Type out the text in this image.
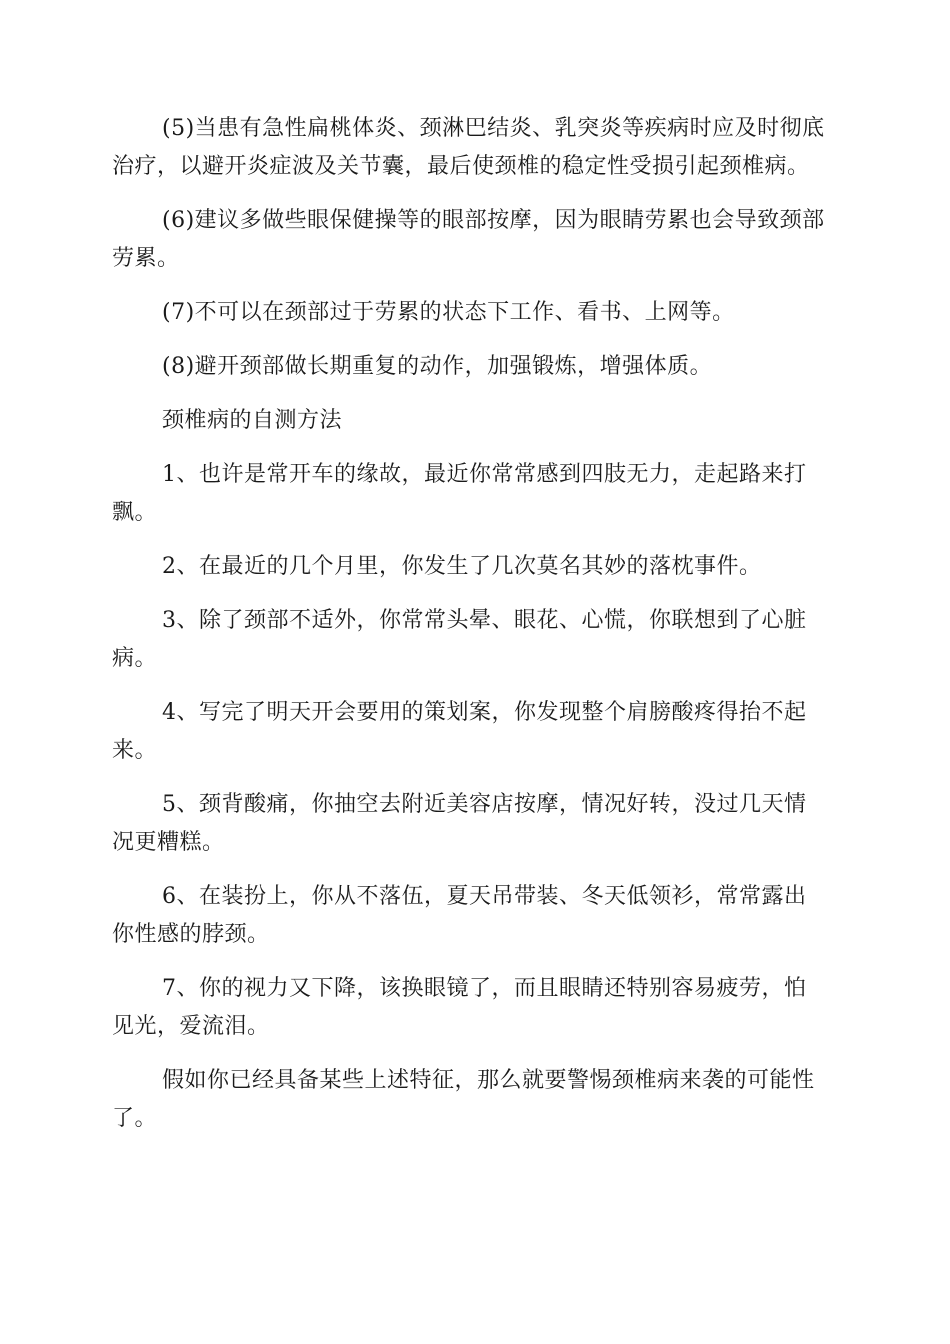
(5)当患有急性扁桃体炎、颈淋巴结炎、乳突炎等疾病时应及时彻底治疗，以避开炎症波及关节囊，最后使颈椎的稳定性受损引起颈椎病。

(6)建议多做些眼保健操等的眼部按摩，因为眼睛劳累也会导致颈部劳累。

(7)不可以在颈部过于劳累的状态下工作、看书、上网等。

(8)避开颈部做长期重复的动作，加强锻炼，增强体质。

颈椎病的自测方法

1、也许是常开车的缘故，最近你常常感到四肢无力，走起路来打飘。

2、在最近的几个月里，你发生了几次莫名其妙的落枕事件。

3、除了颈部不适外，你常常头晕、眼花、心慌，你联想到了心脏病。

4、写完了明天开会要用的策划案，你发现整个肩膀酸疼得抬不起来。

5、颈背酸痛，你抽空去附近美容店按摩，情况好转，没过几天情况更糟糕。

6、在装扮上，你从不落伍，夏天吊带装、冬天低领衫，常常露出你性感的脖颈。

7、你的视力又下降，该换眼镜了，而且眼睛还特别容易疲劳，怕见光，爱流泪。

假如你已经具备某些上述特征，那么就要警惕颈椎病来袭的可能性了。
